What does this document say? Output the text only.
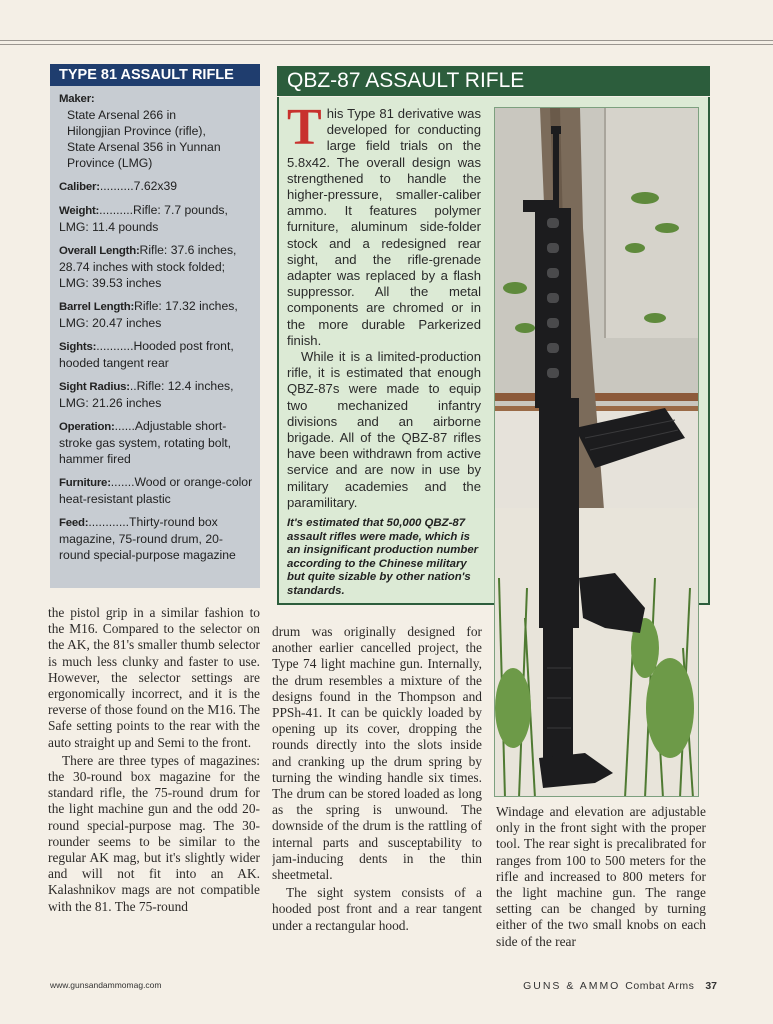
TYPE 81 ASSAULT RIFLE
Maker:
State Arsenal 266 in
Hilongjian Province (rifle),
State Arsenal 356 in Yunnan
Province (LMG)
Caliber:..........7.62x39
Weight:..........Rifle: 7.7 pounds, LMG: 11.4 pounds
Overall Length:Rifle: 37.6 inches, 28.74 inches with stock folded; LMG: 39.53 inches
Barrel Length:Rifle: 17.32 inches, LMG: 20.47 inches
Sights:...........Hooded post front, hooded tangent rear
Sight Radius:..Rifle: 12.4 inches, LMG: 21.26 inches
Operation:......Adjustable short-stroke gas system, rotating bolt, hammer fired
Furniture:.......Wood or orange-color heat-resistant plastic
Feed:............Thirty-round box magazine, 75-round drum, 20-round special-purpose magazine
QBZ-87 ASSAULT RIFLE

This Type 81 derivative was developed for conducting large field trials on the 5.8x42. The overall design was strengthened to handle the higher-pressure, smaller-caliber ammo. It features polymer furniture, aluminum side-folder stock and a redesigned rear sight, and the rifle-grenade adapter was replaced by a flash suppressor. All the metal components are chromed or in the more durable Parkerized finish.

While it is a limited-production rifle, it is estimated that enough QBZ-87s were made to equip two mechanized infantry divisions and an airborne brigade. All of the QBZ-87 rifles have been withdrawn from active service and are now in use by military academies and the paramilitary.

It's estimated that 50,000 QBZ-87 assault rifles were made, which is an insignificant production number according to the Chinese military but quite sizable by other nation's standards.

the pistol grip in a similar fashion to the M16. Compared to the selector on the AK, the 81's smaller thumb selector is much less clunky and faster to use. However, the selector settings are ergonomically incorrect, and it is the reverse of those found on the M16. The Safe setting points to the rear with the auto straight up and Semi to the front.

There are three types of magazines: the 30-round box magazine for the standard rifle, the 75-round drum for the light machine gun and the odd 20-round special-purpose mag. The 30-rounder seems to be similar to the regular AK mag, but it's slightly wider and will not fit into an AK. Kalashnikov mags are not compatible with the 81. The 75-round

drum was originally designed for another earlier cancelled project, the Type 74 light machine gun. Internally, the drum resembles a mixture of the designs found in the Thompson and PPSh-41. It can be quickly loaded by opening up its cover, dropping the rounds directly into the slots inside and cranking up the drum spring by turning the winding handle six times. The drum can be stored loaded as long as the spring is unwound. The downside of the drum is the rattling of internal parts and susceptability to jam-inducing dents in the thin sheetmetal.

The sight system consists of a hooded post front and a rear tangent under a rectangular hood.

Windage and elevation are adjustable only in the front sight with the proper tool. The rear sight is precalibrated for ranges from 100 to 500 meters for the rifle and increased to 800 meters for the light machine gun. The range setting can be changed by turning either of the two small knobs on each side of the rear

www.gunsandammomag.com	GUNS & AMMO Combat Arms 37
